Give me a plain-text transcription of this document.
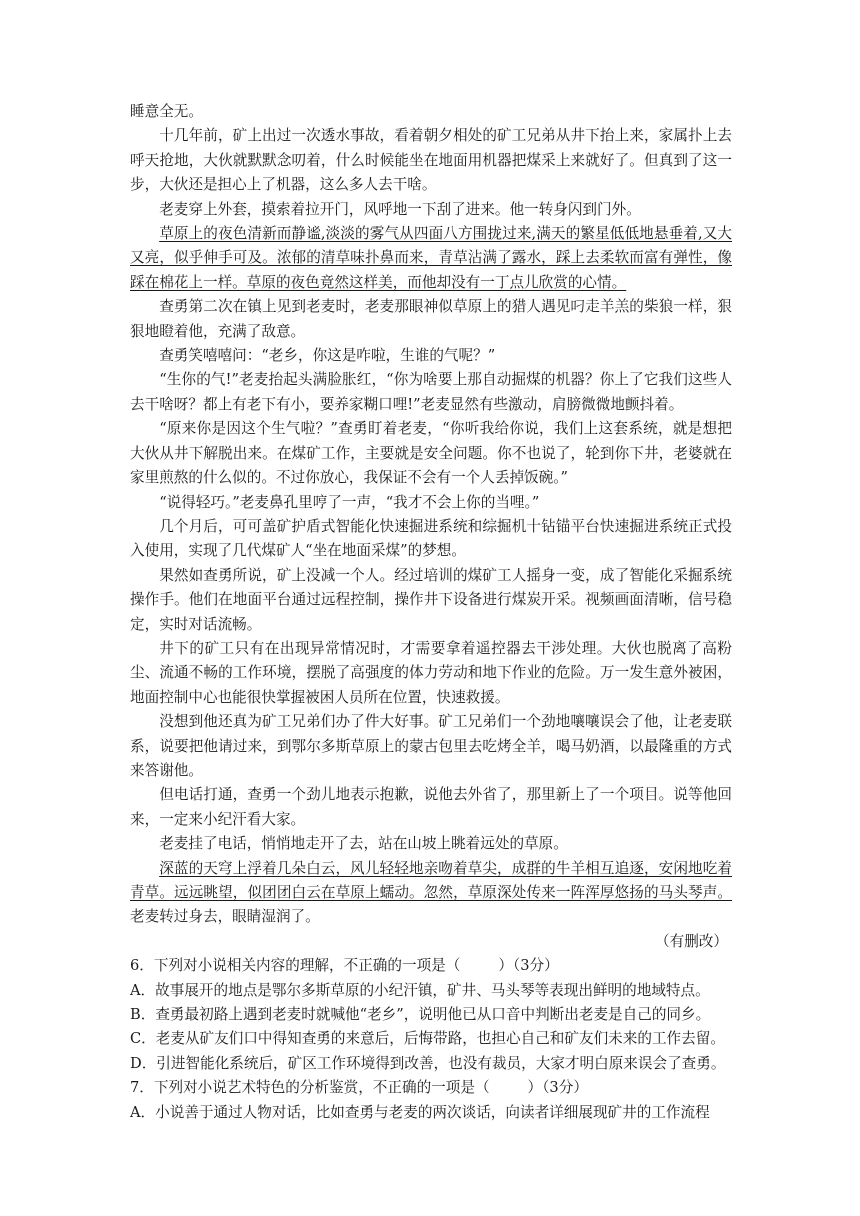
睡意全无。

十几年前，矿上出过一次透水事故，看着朝夕相处的矿工兄弟从井下抬上来，家属扑上去呼天抢地，大伙就默默念叨着，什么时候能坐在地面用机器把煤采上来就好了。但真到了这一步，大伙还是担心上了机器，这么多人去干啥。

老麦穿上外套，摸索着拉开门，风呼地一下刮了进来。他一转身闪到门外。

草原上的夜色清新而静谧,淡淡的雾气从四面八方围拢过来,满天的繁星低低地悬垂着,又大又亮，似乎伸手可及。浓郁的清草味扑鼻而来，青草沾满了露水，踩上去柔软而富有弹性，像踩在棉花上一样。草原的夜色竟然这样美，而他却没有一丁点儿欣赏的心情。

查勇第二次在镇上见到老麦时，老麦那眼神似草原上的猎人遇见叼走羊羔的柴狼一样，狠狠地瞪着他，充满了敌意。

查勇笑嘻嘻问：“老乡，你这是咋啦，生谁的气呢？”

“生你的气!”老麦抬起头满脸胀红，“你为啥要上那自动掘煤的机器？你上了它我们这些人去干啥呀？都上有老下有小，要养家糊口哩!”老麦显然有些激动，肩膀微微地颤抖着。

“原来你是因这个生气啦？”查勇盯着老麦，“你听我给你说，我们上这套系统，就是想把大伙从井下解脱出来。在煤矿工作，主要就是安全问题。你不也说了，轮到你下井，老婆就在家里煎熬的什么似的。不过你放心，我保证不会有一个人丢掉饭碗。”

“说得轻巧。”老麦鼻孔里哼了一声，“我才不会上你的当哩。”

几个月后，可可盖矿护盾式智能化快速掘进系统和综掘机十钻锚平台快速掘进系统正式投入使用，实现了几代煤矿人“坐在地面采煤”的梦想。

果然如查勇所说，矿上没减一个人。经过培训的煤矿工人摇身一变，成了智能化采掘系统操作手。他们在地面平台通过远程控制，操作井下设备进行煤炭开采。视频画面清晰，信号稳定，实时对话流畅。

井下的矿工只有在出现异常情况时，才需要拿着遥控器去干涉处理。大伙也脱离了高粉尘、流通不畅的工作环境，摆脱了高强度的体力劳动和地下作业的危险。万一发生意外被困，地面控制中心也能很快掌握被困人员所在位置，快速救援。

没想到他还真为矿工兄弟们办了件大好事。矿工兄弟们一个劲地嚷嚷误会了他，让老麦联系，说要把他请过来，到鄂尔多斯草原上的蒙古包里去吃烤全羊，喝马奶酒，以最隆重的方式来答谢他。

但电话打通，查勇一个劲儿地表示抱歉，说他去外省了，那里新上了一个项目。说等他回来，一定来小纪汗看大家。

老麦挂了电话，悄悄地走开了去，站在山坡上眺着远处的草原。

深蓝的天穹上浮着几朵白云，风儿轻轻地亲吻着草尖，成群的牛羊相互追逐，安闲地吃着青草。远远眺望，似团团白云在草原上蠕动。忽然，草原深处传来一阵浑厚悠扬的马头琴声。老麦转过身去，眼睛湿润了。

（有删改）

6．下列对小说相关内容的理解，不正确的一项是（	）（3分）

A．故事展开的地点是鄂尔多斯草原的小纪汗镇，矿井、马头琴等表现出鲜明的地域特点。

B．查勇最初路上遇到老麦时就喊他“老乡”，说明他已从口音中判断出老麦是自己的同乡。

C．老麦从矿友们口中得知查勇的来意后，后悔带路，也担心自己和矿友们未来的工作去留。

D．引进智能化系统后，矿区工作环境得到改善，也没有裁员，大家才明白原来误会了查勇。

7．下列对小说艺术特色的分析鉴赏，不正确的一项是（	）（3分）

A．小说善于通过人物对话，比如查勇与老麦的两次谈话，向读者详细展现矿井的工作流程
